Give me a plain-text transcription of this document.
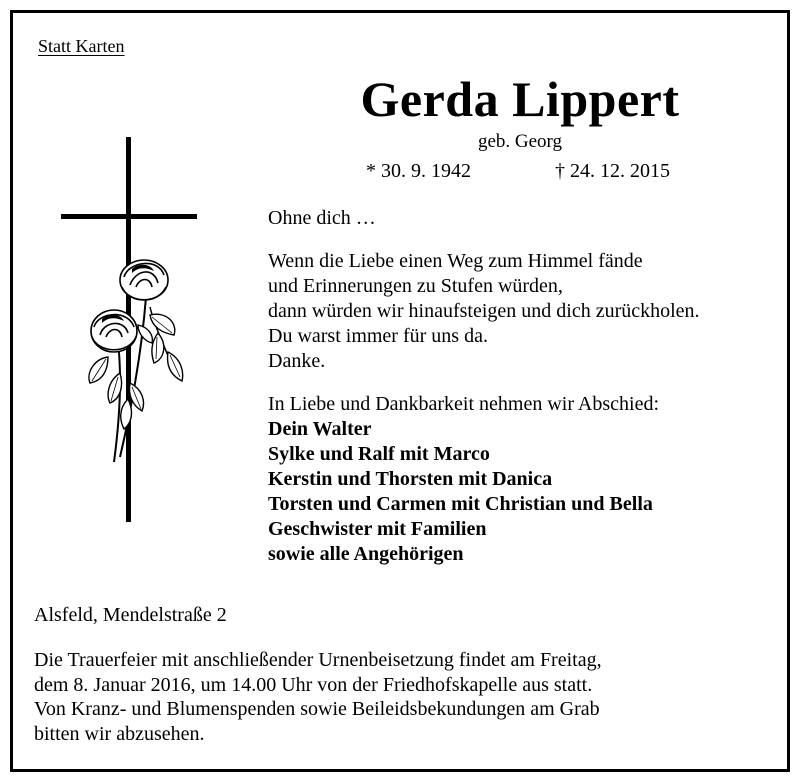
Statt Karten
Gerda Lippert
geb. Georg
* 30. 9. 1942	† 24. 12. 2015
Ohne dich …
Wenn die Liebe einen Weg zum Himmel fände
und Erinnerungen zu Stufen würden,
dann würden wir hinaufsteigen und dich zurückholen.
Du warst immer für uns da.
Danke.
In Liebe und Dankbarkeit nehmen wir Abschied:
Dein Walter
Sylke und Ralf mit Marco
Kerstin und Thorsten mit Danica
Torsten und Carmen mit Christian und Bella
Geschwister mit Familien
sowie alle Angehörigen
Alsfeld, Mendelstraße 2
Die Trauerfeier mit anschließender Urnenbeisetzung findet am Freitag,
dem 8. Januar 2016, um 14.00 Uhr von der Friedhofskapelle aus statt.
Von Kranz- und Blumenspenden sowie Beileidsbekundungen am Grab
bitten wir abzusehen.
